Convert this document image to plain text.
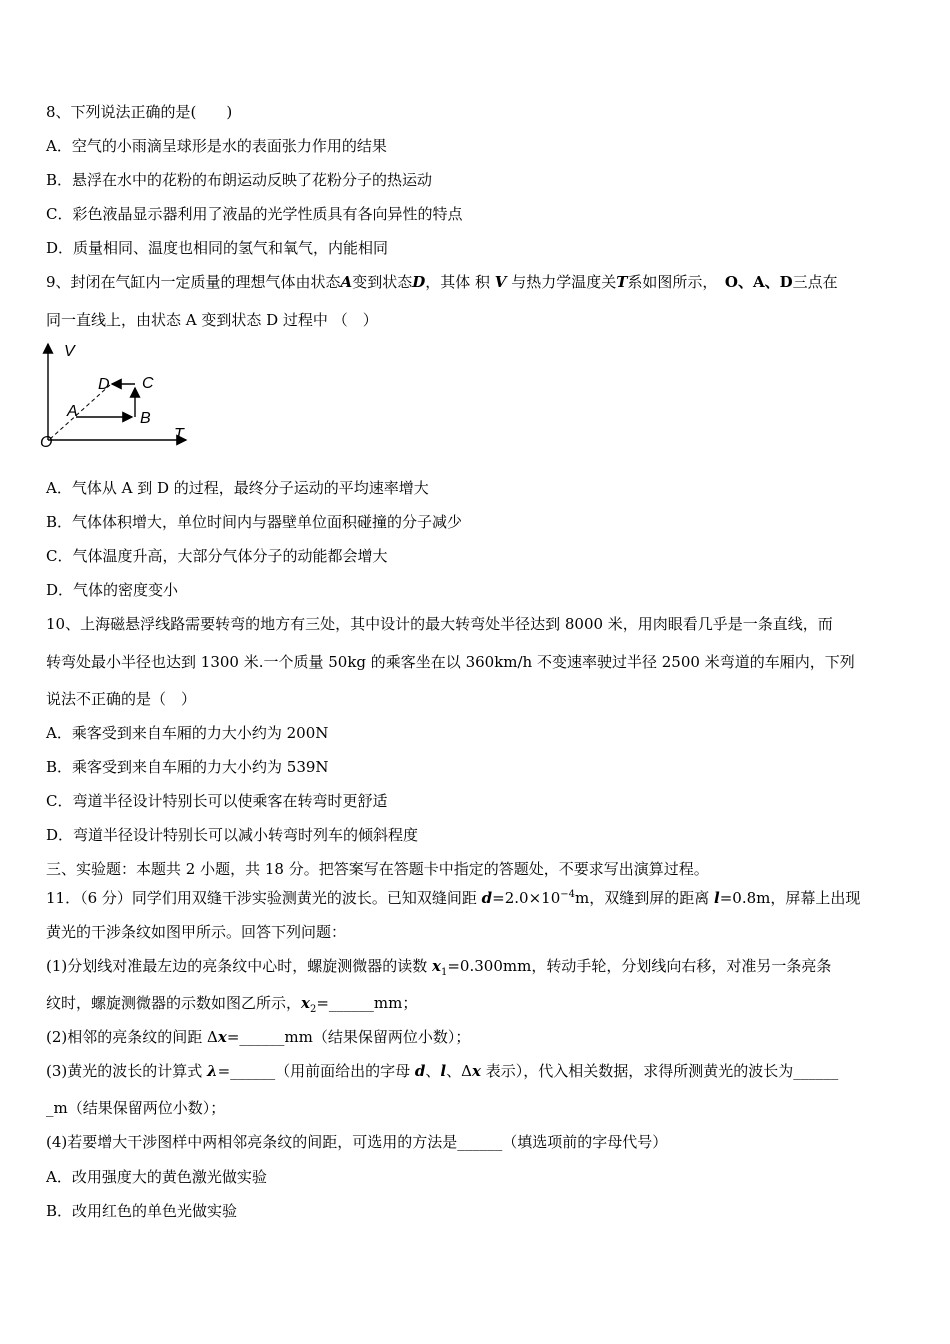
8、下列说法正确的是(　　)
A．空气的小雨滴呈球形是水的表面张力作用的结果
B．悬浮在水中的花粉的布朗运动反映了花粉分子的热运动
C．彩色液晶显示器利用了液晶的光学性质具有各向异性的特点
D．质量相同、温度也相同的氢气和氧气，内能相同
9、封闭在气缸内一定质量的理想气体由状态A变到状态D，其体 积 V 与热力学温度关T系如图所示，　 O、A、D三点在
同一直线上，由状态 A 变到状态 D 过程中 （　）
V
T
O
A	B
C
D
A．气体从 A 到 D 的过程，最终分子运动的平均速率增大
B．气体体积增大，单位时间内与器壁单位面积碰撞的分子减少
C．气体温度升高，大部分气体分子的动能都会增大
D．气体的密度变小
10、上海磁悬浮线路需要转弯的地方有三处，其中设计的最大转弯处半径达到 8000 米，用肉眼看几乎是一条直线，而
转弯处最小半径也达到 1300 米.一个质量 50kg 的乘客坐在以 360km/h 不变速率驶过半径 2500 米弯道的车厢内，下列
说法不正确的是（　）
A．乘客受到来自车厢的力大小约为 200N
B．乘客受到来自车厢的力大小约为 539N
C．弯道半径设计特别长可以使乘客在转弯时更舒适
D．弯道半径设计特别长可以减小转弯时列车的倾斜程度
三、实验题：本题共 2 小题，共 18 分。把答案写在答题卡中指定的答题处，不要求写出演算过程。
11．（6 分）同学们用双缝干涉实验测黄光的波长。已知双缝间距 $d=2.0\times 10^{-4}m$，双缝到屏的距离 l=0.8m，屏幕上出现
黄光的干涉条纹如图甲所示。回答下列问题：
(1)分划线对准最左边的亮条纹中心时，螺旋测微器的读数 $x_1=0.300mm$，转动手轮，分划线向右移，对准另一条亮条
纹时，螺旋测微器的示数如图乙所示，$x_2=\_\_\_\_\_\_mm$；
(2)相邻的亮条纹的间距 Δx=______mm（结果保留两位小数）；
(3)黄光的波长的计算式 λ=______（用前面给出的字母 d、l、Δx 表示），代入相关数据，求得所测黄光的波长为______
_m（结果保留两位小数）；
(4)若要增大干涉图样中两相邻亮条纹的间距，可选用的方法是______（填选项前的字母代号）
A．改用强度大的黄色激光做实验
B．改用红色的单色光做实验
